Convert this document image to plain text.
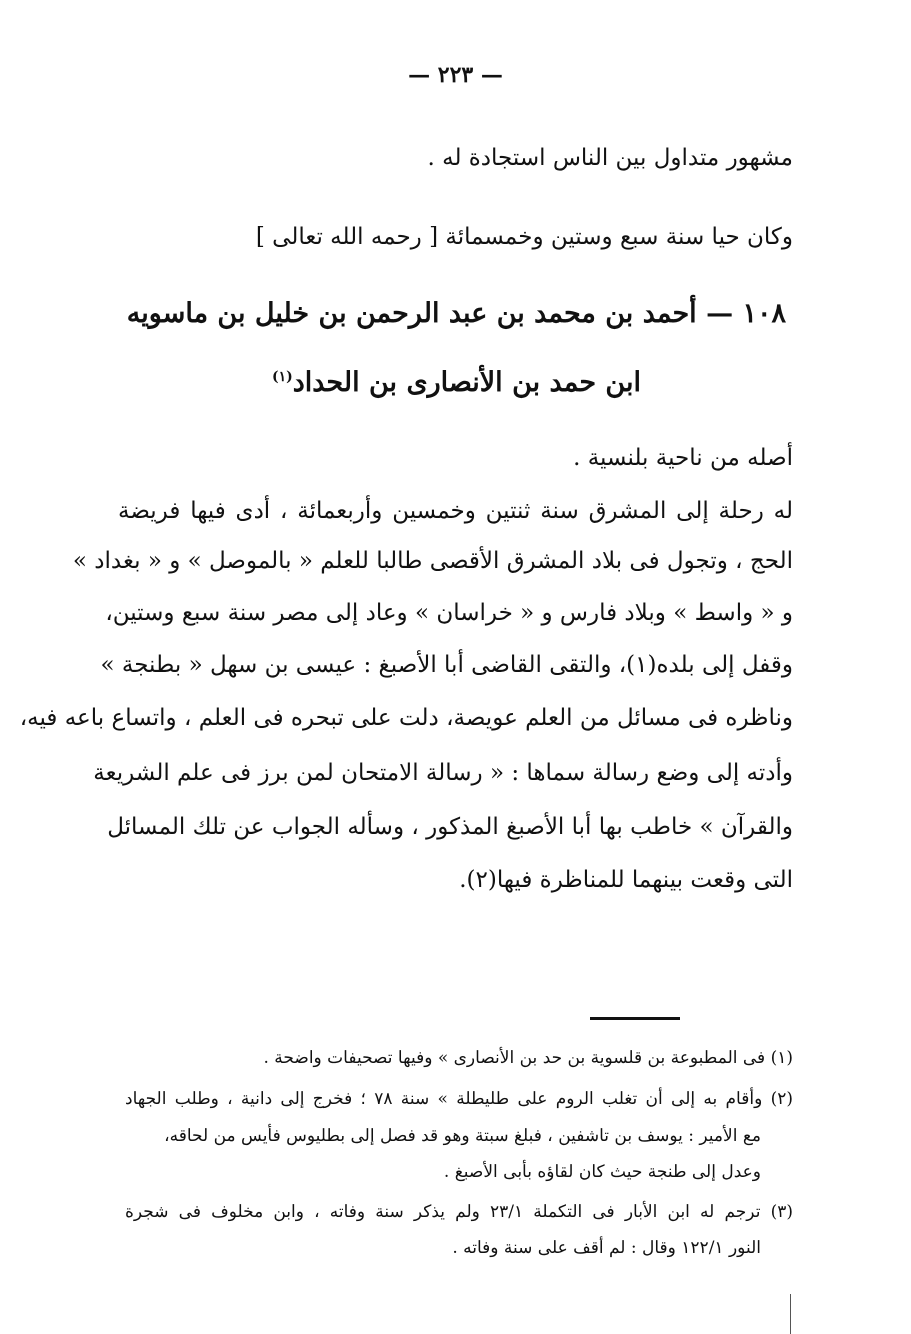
— ٢٢٣ —
مشهور متداول بين الناس استجادة له .
وكان حيا سنة سبع وستين وخمسمائة [ رحمه الله تعالى ]
١٠٨ — أحمد بن محمد بن عبد الرحمن بن خليل بن ماسويه
ابن حمد بن الأنصارى بن الحداد$^{(١)}$
أصله من ناحية بلنسية .
له رحلة إلى المشرق سنة ثنتين وخمسين وأربعمائة ، أدى فيها فريضة
الحج ، وتجول فى بلاد المشرق الأقصى طالبا للعلم « بالموصل » و « بغداد »
و « واسط » وبلاد فارس و « خراسان » وعاد إلى مصر سنة سبع وستين،
وقفل إلى بلده(١)، والتقى القاضى أبا الأصبغ : عيسى بن سهل « بطنجة »
وناظره فى مسائل من العلم عويصة، دلت على تبحره فى العلم ، واتساع باعه فيه،
وأدته إلى وضع رسالة سماها : « رسالة الامتحان لمن برز فى علم الشريعة
والقرآن » خاطب بها أبا الأصبغ المذكور ، وسأله الجواب عن تلك المسائل
التى وقعت بينهما للمناظرة فيها(٢).
(١) فى المطبوعة بن قلسوية بن حد بن الأنصارى » وفيها تصحيفات واضحة .
(٢) وأقام به إلى أن تغلب الروم على طليطلة » سنة ٧٨ ؛ فخرج إلى دانية ، وطلب الجهاد
مع الأمير : يوسف بن تاشفين ، فبلغ سبتة وهو قد فصل إلى بطليوس فأيس من لحاقه،
وعدل إلى طنجة حيث كان لقاؤه بأبى الأصبغ .
(٣) ترجم له ابن الأبار فى التكملة ٢٣/١ ولم يذكر سنة وفاته ، وابن مخلوف فى شجرة
النور ١٢٢/١ وقال : لم أقف على سنة وفاته .
